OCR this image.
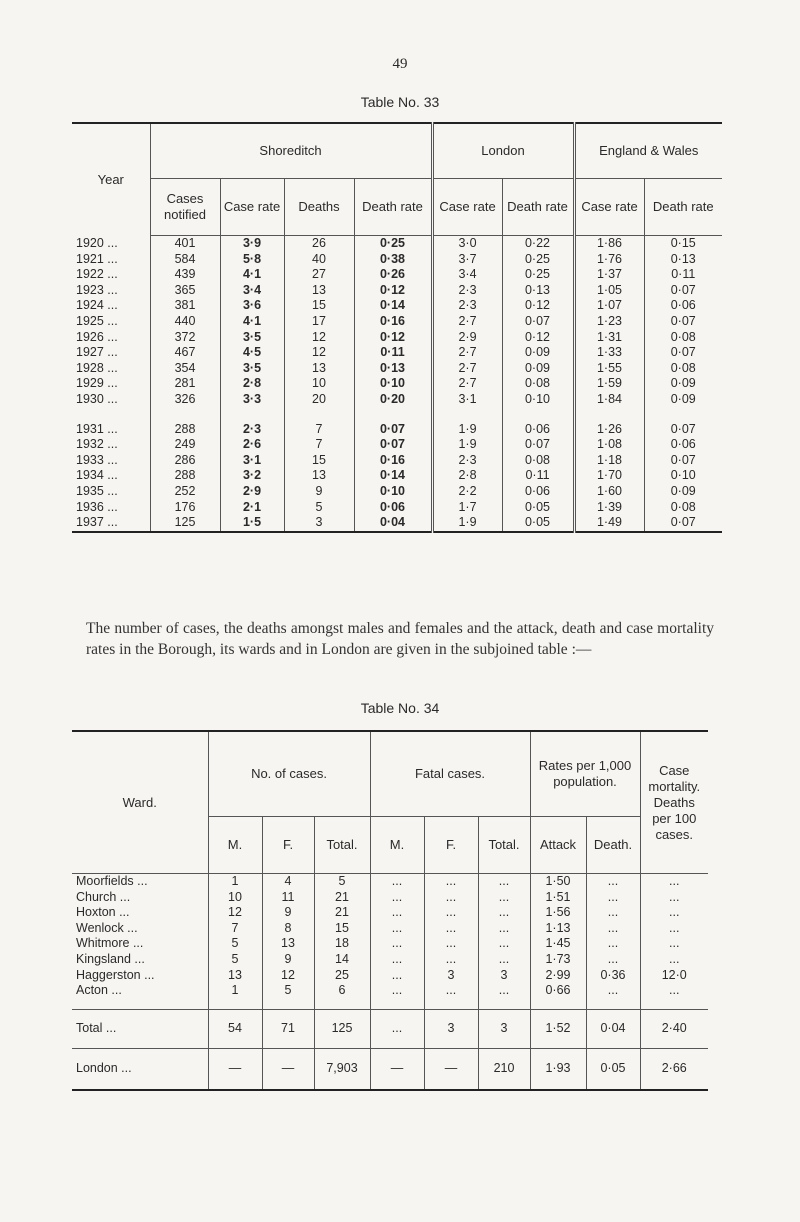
49
Table No. 33
Year	Shoreditch				London		England & Wales	
	Cases notified	Case rate	Deaths	Death rate	Case rate	Death rate	Case rate	Death rate
1920 ...	401	3·9	26	0·25	3·0	0·22	1·86	0·15
1921 ...	584	5·8	40	0·38	3·7	0·25	1·76	0·13
1922 ...	439	4·1	27	0·26	3·4	0·25	1·37	0·11
1923 ...	365	3·4	13	0·12	2·3	0·13	1·05	0·07
1924 ...	381	3·6	15	0·14	2·3	0·12	1·07	0·06
1925 ...	440	4·1	17	0·16	2·7	0·07	1·23	0·07
1926 ...	372	3·5	12	0·12	2·9	0·12	1·31	0·08
1927 ...	467	4·5	12	0·11	2·7	0·09	1·33	0·07
1928 ...	354	3·5	13	0·13	2·7	0·09	1·55	0·08
1929 ...	281	2·8	10	0·10	2·7	0·08	1·59	0·09
1930 ...	326	3·3	20	0·20	3·1	0·10	1·84	0·09

1931 ...	288	2·3	7	0·07	1·9	0·06	1·26	0·07
1932 ...	249	2·6	7	0·07	1·9	0·07	1·08	0·06
1933 ...	286	3·1	15	0·16	2·3	0·08	1·18	0·07
1934 ...	288	3·2	13	0·14	2·8	0·11	1·70	0·10
1935 ...	252	2·9	9	0·10	2·2	0·06	1·60	0·09
1936 ...	176	2·1	5	0·06	1·7	0·05	1·39	0·08
1937 ...	125	1·5	3	0·04	1·9	0·05	1·49	0·07
The number of cases, the deaths amongst males and females and the attack, death and case mortality rates in the Borough, its wards and in London are given in the subjoined table :—
Table No. 34
Ward.	No. of cases.			Fatal cases.			Rates per 1,000 population.		Case mortality. Deaths per 100 cases.
	M.	F.	Total.	M.	F.	Total.	Attack	Death.	
Moorfields ...	1	4	5	...	...	...	1·50	...	...
Church ...	10	11	21	...	...	...	1·51	...	...
Hoxton ...	12	9	21	...	...	...	1·56	...	...
Wenlock ...	7	8	15	...	...	...	1·13	...	...
Whitmore ...	5	13	18	...	...	...	1·45	...	...
Kingsland ...	5	9	14	...	...	...	1·73	...	...
Haggerston ...	13	12	25	...	3	3	2·99	0·36	12·0
Acton ...	1	5	6	...	...	...	0·66	...	...

Total ...	54	71	125	...	3	3	1·52	0·04	2·40
London ...	—	—	7,903	—	—	210	1·93	0·05	2·66
